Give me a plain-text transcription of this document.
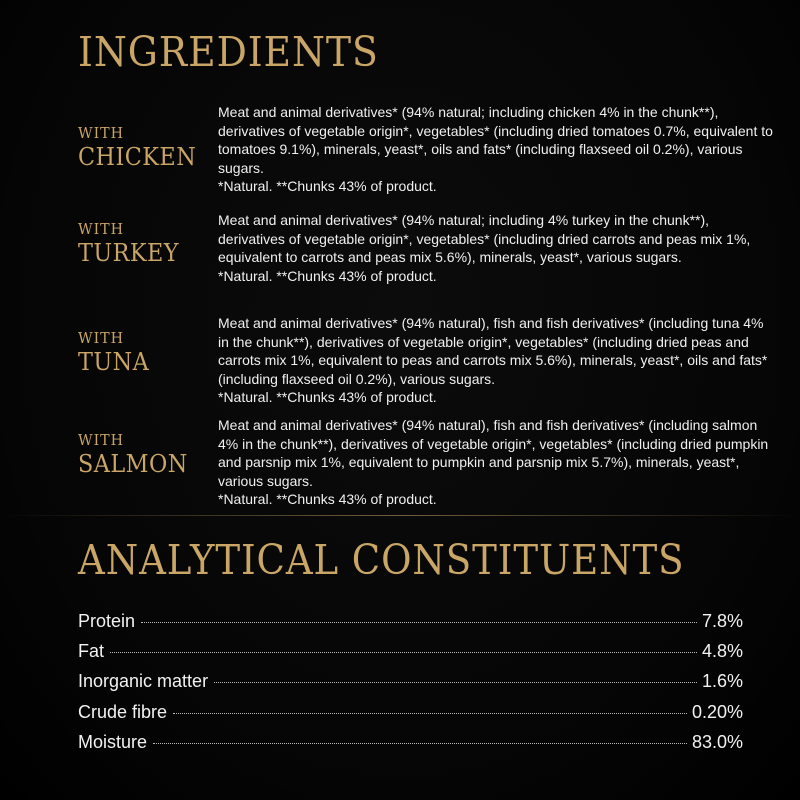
INGREDIENTS
WITH
CHICKEN

Meat and animal derivatives* (94% natural; including chicken 4% in the chunk**), derivatives of vegetable origin*, vegetables* (including dried tomatoes 0.7%, equivalent to tomatoes 9.1%), minerals, yeast*, oils and fats* (including flaxseed oil 0.2%), various sugars.

*Natural. **Chunks 43% of product.

WITH
TURKEY

Meat and animal derivatives* (94% natural; including 4% turkey in the chunk**), derivatives of vegetable origin*, vegetables* (including dried carrots and peas mix 1%, equivalent to carrots and peas mix 5.6%), minerals, yeast*, various sugars.

*Natural. **Chunks 43% of product.

WITH
TUNA

Meat and animal derivatives* (94% natural), fish and fish derivatives* (including tuna 4% in the chunk**), derivatives of vegetable origin*, vegetables* (including dried peas and carrots mix 1%, equivalent to peas and carrots mix 5.6%), minerals, yeast*, oils and fats* (including flaxseed oil 0.2%), various sugars.

*Natural. **Chunks 43% of product.

WITH
SALMON

Meat and animal derivatives* (94% natural), fish and fish derivatives* (including salmon 4% in the chunk**), derivatives of vegetable origin*, vegetables* (including dried pumpkin and parsnip mix 1%, equivalent to pumpkin and parsnip mix 5.7%), minerals, yeast*, various sugars.

*Natural. **Chunks 43% of product.

ANALYTICAL CONSTITUENTS
Protein	7.8%
Fat	4.8%
Inorganic matter	1.6%
Crude fibre	0.20%
Moisture	83.0%
